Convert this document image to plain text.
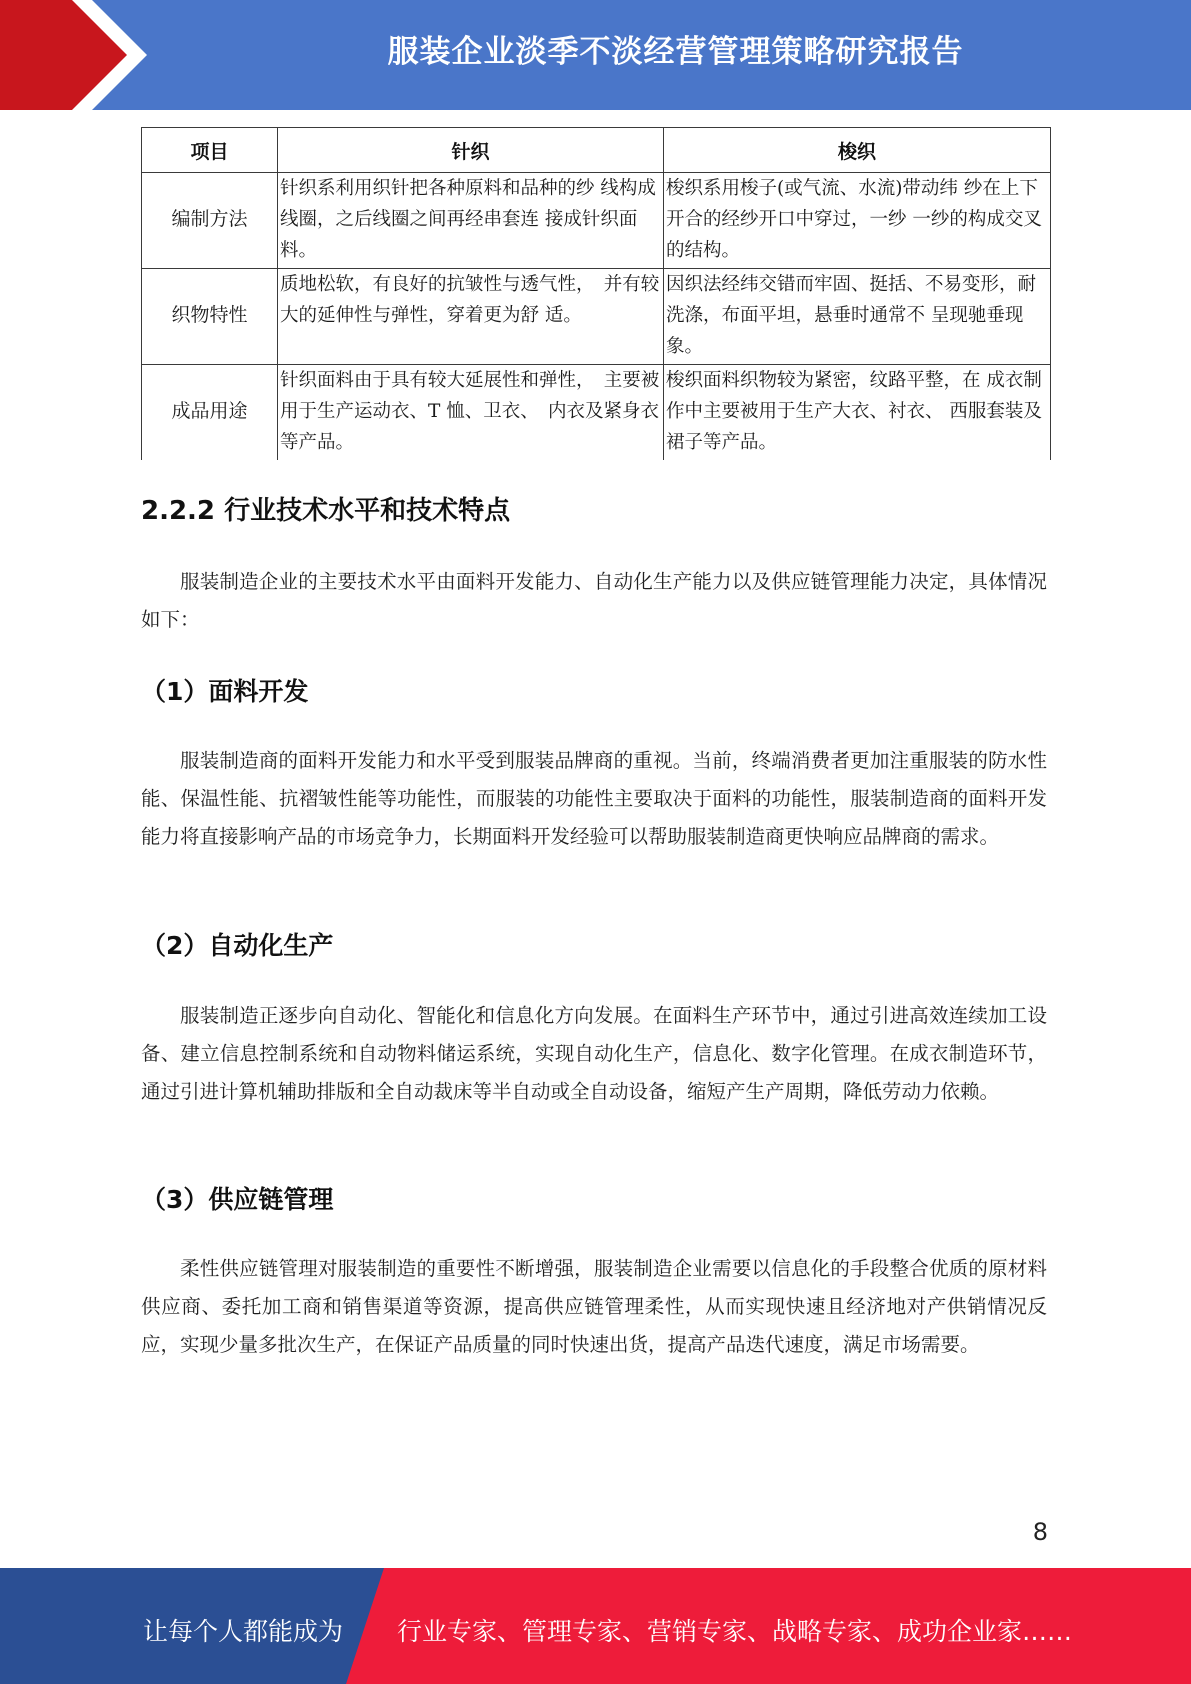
服装企业淡季不淡经营管理策略研究报告
项目	针织	梭织
编制方法	针织系利用织针把各种原料和品种的纱 线构成线圈，之后线圈之间再经串套连 接成针织面料。	梭织系用梭子(或气流、水流)带动纬 纱在上下开合的经纱开口中穿过，一纱 一纱的构成交叉的结构。
织物特性	质地松软，有良好的抗皱性与透气性，　并有较大的延伸性与弹性，穿着更为舒 适。	因织法经纬交错而牢固、挺括、不易变形，耐洗涤，布面平坦，悬垂时通常不 呈现驰垂现象。
成品用途	针织面料由于具有较大延展性和弹性，　主要被用于生产运动衣、T 恤、卫衣、　内衣及紧身衣等产品。	梭织面料织物较为紧密，纹路平整，在 成衣制作中主要被用于生产大衣、衬衣、 西服套装及裙子等产品。
2.2.2 行业技术水平和技术特点

服装制造企业的主要技术水平由面料开发能力、自动化生产能力以及供应链管理能力决定，具体情况如下：

（1）面料开发

服装制造商的面料开发能力和水平受到服装品牌商的重视。当前，终端消费者更加注重服装的防水性能、保温性能、抗褶皱性能等功能性，而服装的功能性主要取决于面料的功能性，服装制造商的面料开发能力将直接影响产品的市场竞争力，长期面料开发经验可以帮助服装制造商更快响应品牌商的需求。

（2）自动化生产

服装制造正逐步向自动化、智能化和信息化方向发展。在面料生产环节中，通过引进高效连续加工设备、建立信息控制系统和自动物料储运系统，实现自动化生产，信息化、数字化管理。在成衣制造环节，通过引进计算机辅助排版和全自动裁床等半自动或全自动设备，缩短产生产周期，降低劳动力依赖。

（3）供应链管理

柔性供应链管理对服装制造的重要性不断增强，服装制造企业需要以信息化的手段整合优质的原材料供应商、委托加工商和销售渠道等资源，提高供应链管理柔性，从而实现快速且经济地对产供销情况反应，实现少量多批次生产，在保证产品质量的同时快速出货，提高产品迭代速度，满足市场需要。

8
让每个人都能成为 行业专家、管理专家、营销专家、战略专家、成功企业家……
